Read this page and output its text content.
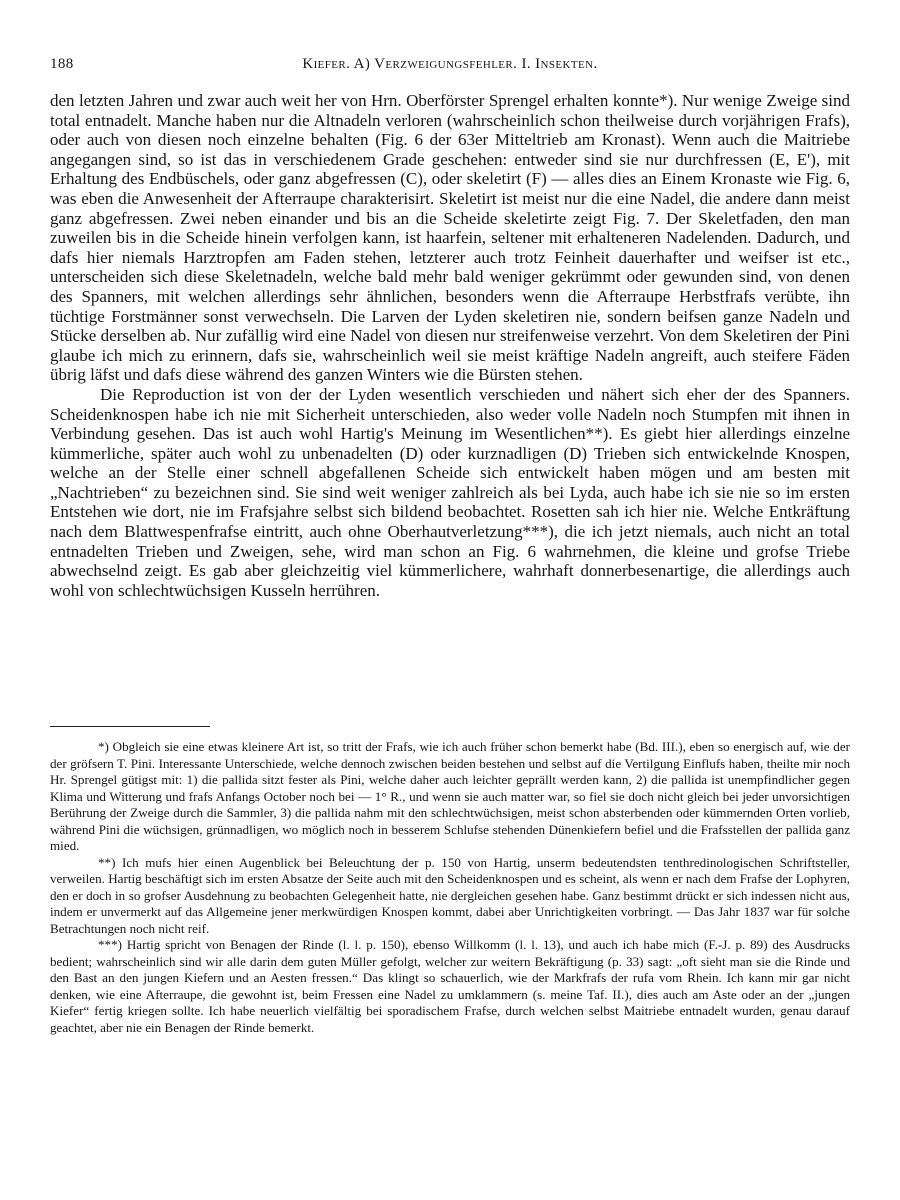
188	Kiefer. A) Verzweigungsfehler. I. Insekten.

den letzten Jahren und zwar auch weit her von Hrn. Oberförster Sprengel erhalten konnte*). Nur wenige Zweige sind total entnadelt. Manche haben nur die Altnadeln verloren (wahrscheinlich schon theilweise durch vorjährigen Frafs), oder auch von diesen noch einzelne behalten (Fig. 6 der 63er Mitteltrieb am Kronast). Wenn auch die Maitriebe angegangen sind, so ist das in verschiedenem Grade geschehen: entweder sind sie nur durchfressen (E, E'), mit Erhaltung des Endbüschels, oder ganz abgefressen (C), oder skeletirt (F) — alles dies an Einem Kronaste wie Fig. 6, was eben die Anwesenheit der Afterraupe charakterisirt. Skeletirt ist meist nur die eine Nadel, die andere dann meist ganz abgefressen. Zwei neben einander und bis an die Scheide skeletirte zeigt Fig. 7. Der Skeletfaden, den man zuweilen bis in die Scheide hinein verfolgen kann, ist haarfein, seltener mit erhalteneren Nadelenden. Dadurch, und dafs hier niemals Harztropfen am Faden stehen, letzterer auch trotz Feinheit dauerhafter und weifser ist etc., unterscheiden sich diese Skeletnadeln, welche bald mehr bald weniger gekrümmt oder gewunden sind, von denen des Spanners, mit welchen allerdings sehr ähnlichen, besonders wenn die Afterraupe Herbstfrafs verübte, ihn tüchtige Forstmänner sonst verwechseln. Die Larven der Lyden skeletiren nie, sondern beifsen ganze Nadeln und Stücke derselben ab. Nur zufällig wird eine Nadel von diesen nur streifenweise verzehrt. Von dem Skeletiren der Pini glaube ich mich zu erinnern, dafs sie, wahrscheinlich weil sie meist kräftige Nadeln angreift, auch steifere Fäden übrig läfst und dafs diese während des ganzen Winters wie die Bürsten stehen.

Die Reproduction ist von der der Lyden wesentlich verschieden und nähert sich eher der des Spanners. Scheidenknospen habe ich nie mit Sicherheit unterschieden, also weder volle Nadeln noch Stumpfen mit ihnen in Verbindung gesehen. Das ist auch wohl Hartig's Meinung im Wesentlichen**). Es giebt hier allerdings einzelne kümmerliche, später auch wohl zu unbenadelten (D) oder kurznadligen (D) Trieben sich entwickelnde Knospen, welche an der Stelle einer schnell abgefallenen Scheide sich entwickelt haben mögen und am besten mit „Nachtrieben“ zu bezeichnen sind. Sie sind weit weniger zahlreich als bei Lyda, auch habe ich sie nie so im ersten Entstehen wie dort, nie im Frafsjahre selbst sich bildend beobachtet. Rosetten sah ich hier nie. Welche Entkräftung nach dem Blattwespenfrafse eintritt, auch ohne Oberhautverletzung***), die ich jetzt niemals, auch nicht an total entnadelten Trieben und Zweigen, sehe, wird man schon an Fig. 6 wahrnehmen, die kleine und grofse Triebe abwechselnd zeigt. Es gab aber gleichzeitig viel kümmerlichere, wahrhaft donnerbesenartige, die allerdings auch wohl von schlechtwüchsigen Kusseln herrühren.

*) Obgleich sie eine etwas kleinere Art ist, so tritt der Frafs, wie ich auch früher schon bemerkt habe (Bd. III.), eben so energisch auf, wie der der gröfsern T. Pini. Interessante Unterschiede, welche dennoch zwischen beiden bestehen und selbst auf die Vertilgung Einflufs haben, theilte mir noch Hr. Sprengel gütigst mit: 1) die pallida sitzt fester als Pini, welche daher auch leichter geprällt werden kann, 2) die pallida ist unempfindlicher gegen Klima und Witterung und frafs Anfangs October noch bei — 1° R., und wenn sie auch matter war, so fiel sie doch nicht gleich bei jeder unvorsichtigen Berührung der Zweige durch die Sammler, 3) die pallida nahm mit den schlechtwüchsigen, meist schon absterbenden oder kümmernden Orten vorlieb, während Pini die wüchsigen, grünnadligen, wo möglich noch in besserem Schlufse stehenden Dünenkiefern befiel und die Frafsstellen der pallida ganz mied.

**) Ich mufs hier einen Augenblick bei Beleuchtung der p. 150 von Hartig, unserm bedeutendsten tenthredinologischen Schriftsteller, verweilen. Hartig beschäftigt sich im ersten Absatze der Seite auch mit den Scheidenknospen und es scheint, als wenn er nach dem Frafse der Lophyren, den er doch in so grofser Ausdehnung zu beobachten Gelegenheit hatte, nie dergleichen gesehen habe. Ganz bestimmt drückt er sich indessen nicht aus, indem er unvermerkt auf das Allgemeine jener merkwürdigen Knospen kommt, dabei aber Unrichtigkeiten vorbringt. — Das Jahr 1837 war für solche Betrachtungen noch nicht reif.

***) Hartig spricht von Benagen der Rinde (l. l. p. 150), ebenso Willkomm (l. l. 13), und auch ich habe mich (F.-J. p. 89) des Ausdrucks bedient; wahrscheinlich sind wir alle darin dem guten Müller gefolgt, welcher zur weitern Bekräftigung (p. 33) sagt: „oft sieht man sie die Rinde und den Bast an den jungen Kiefern und an Aesten fressen.“ Das klingt so schauerlich, wie der Markfrafs der rufa vom Rhein. Ich kann mir gar nicht denken, wie eine Afterraupe, die gewohnt ist, beim Fressen eine Nadel zu umklammern (s. meine Taf. II.), dies auch am Aste oder an der „jungen Kiefer“ fertig kriegen sollte. Ich habe neuerlich vielfältig bei sporadischem Frafse, durch welchen selbst Maitriebe entnadelt wurden, genau darauf geachtet, aber nie ein Benagen der Rinde bemerkt.
